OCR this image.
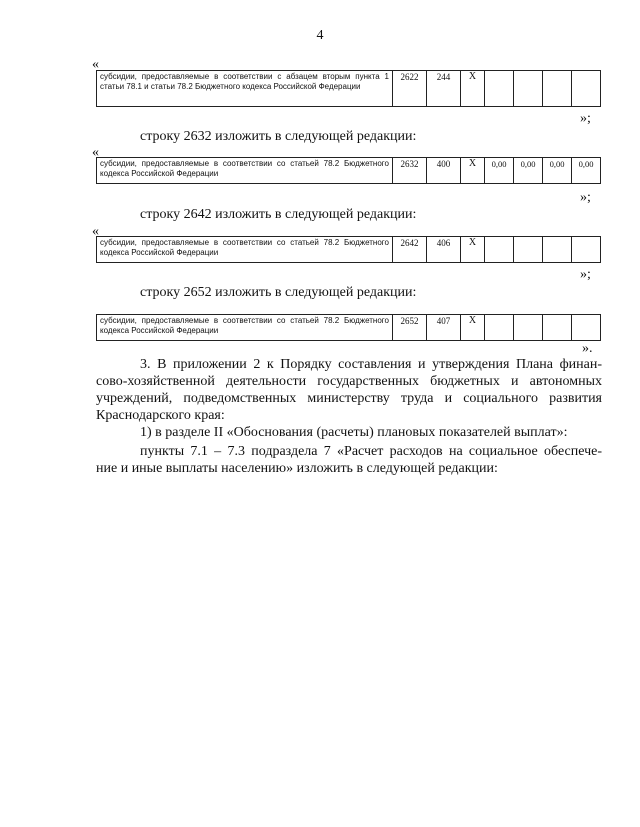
4
«
субсидии, предоставляемые в соответствии с абзацем вторым пункта 1 статьи 78.1 и статьи 78.2 Бюджетного кодекса Российской Федерации	2622	244	X				
»;
строку 2632 изложить в следующей редакции:
«
субсидии, предоставляемые в соответствии со статьей 78.2 Бюджетного кодекса Российской Федерации	2632	400	X	0,00	0,00	0,00	0,00
»;
строку 2642 изложить в следующей редакции:
«
субсидии, предоставляемые в соответствии со статьей 78.2 Бюджетного кодекса Российской Федерации	2642	406	X				
»;
строку 2652 изложить в следующей редакции:
субсидии, предоставляемые в соответствии со статьей 78.2 Бюджетного кодекса Российской Федерации	2652	407	X				
».
3. В приложении 2 к Порядку составления и утверждения Плана финан-
сово-хозяйственной деятельности государственных бюджетных и автономных
учреждений, подведомственных министерству труда и социального развития
Краснодарского края:
1) в разделе II «Обоснования (расчеты) плановых показателей выплат»:
пункты 7.1 – 7.3 подраздела 7 «Расчет расходов на социальное обеспече-
ние и иные выплаты населению» изложить в следующей редакции:
